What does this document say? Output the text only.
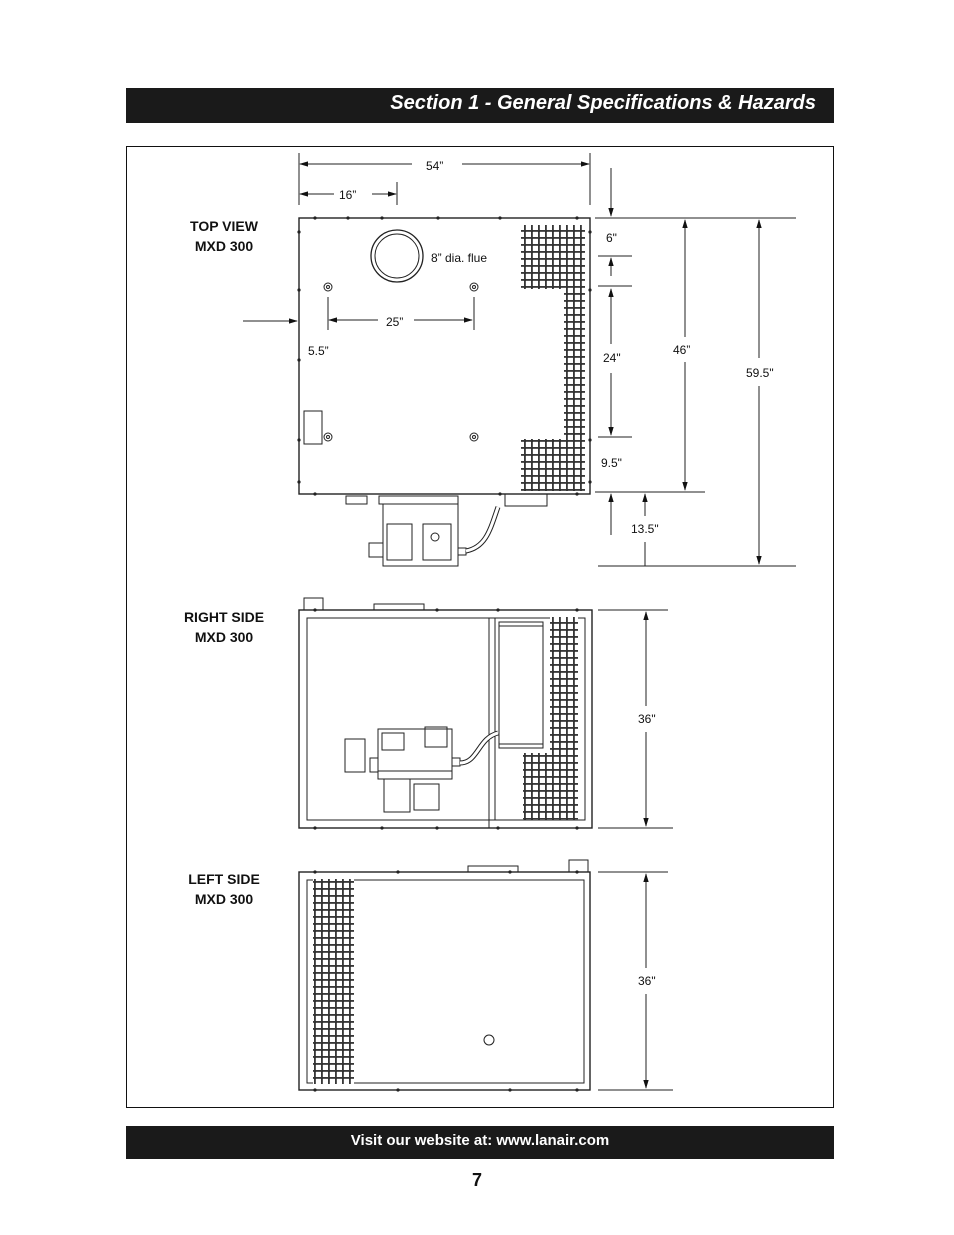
Section 1 - General Specifications & Hazards
TOP VIEW
MXD 300
RIGHT SIDE
MXD 300
LEFT SIDE
MXD 300
54”
16”
8” dia. flue
25”
5.5”
6"
24"
46”
59.5"
9.5"
13.5"
36"
36"
Visit our website at: www.lanair.com
7
